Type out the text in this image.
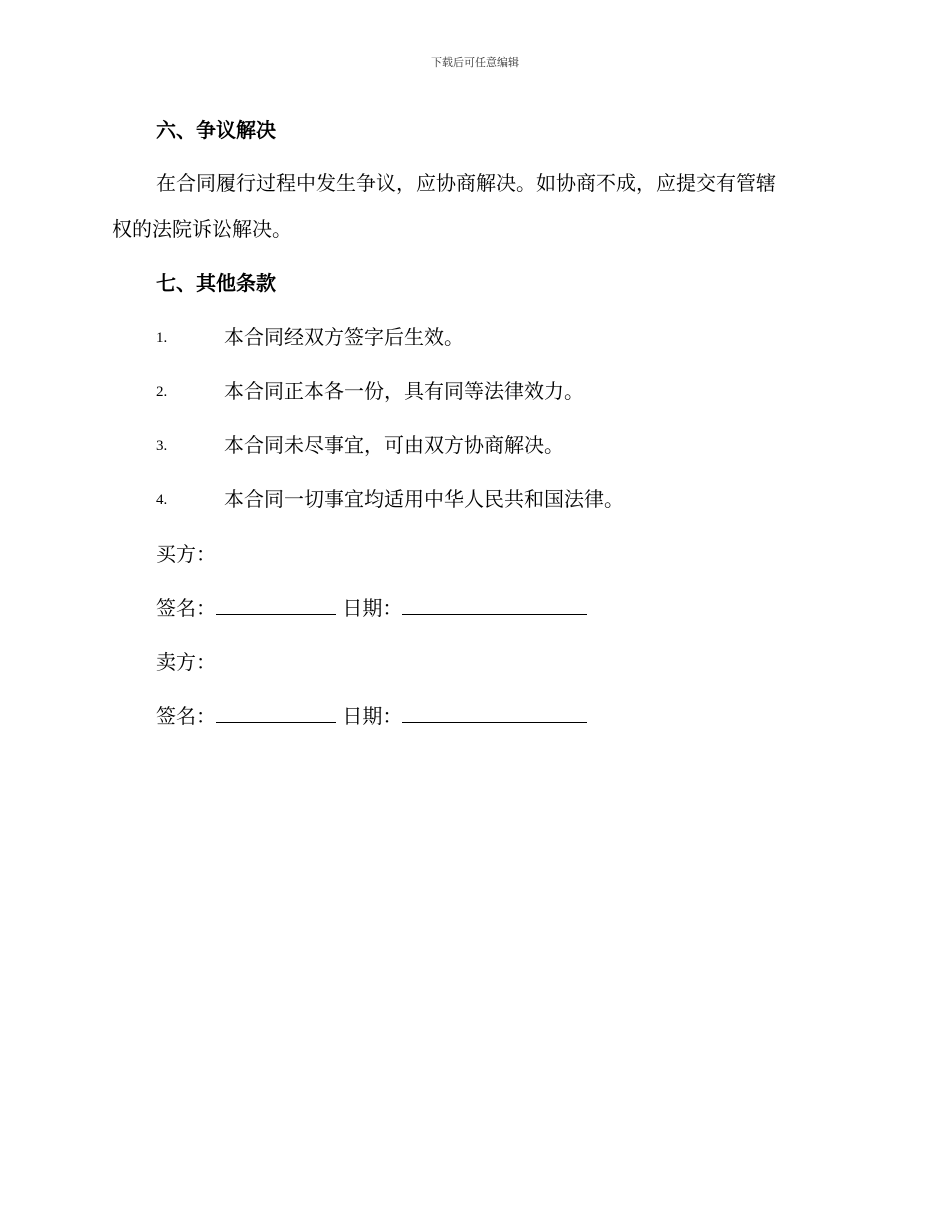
下载后可任意编辑
六、争议解决
在合同履行过程中发生争议，应协商解决。如协商不成，应提交有管辖
权的法院诉讼解决。
七、其他条款
1.	本合同经双方签字后生效。
2.	本合同正本各一份，具有同等法律效力。
3.	本合同未尽事宜，可由双方协商解决。
4.	本合同一切事宜均适用中华人民共和国法律。
买方：
签名：	日期：
卖方：
签名：	日期：
